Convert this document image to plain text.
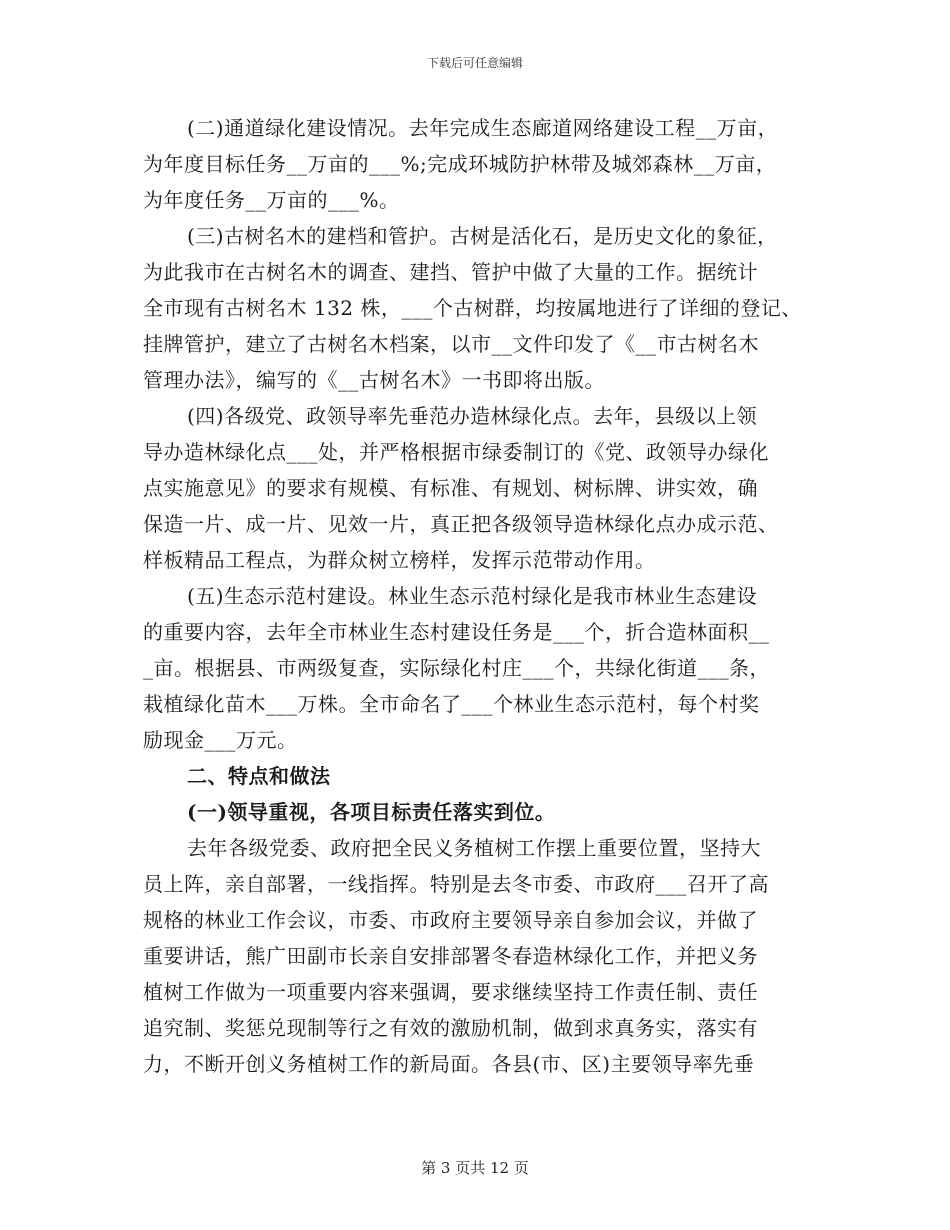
下载后可任意编辑
(二)通道绿化建设情况。去年完成生态廊道网络建设工程__万亩，
为年度目标任务__万亩的___%;完成环城防护林带及城郊森林__万亩，
为年度任务__万亩的___%。
(三)古树名木的建档和管护。古树是活化石，是历史文化的象征，
为此我市在古树名木的调查、建挡、管护中做了大量的工作。据统计
全市现有古树名木 132 株，___个古树群，均按属地进行了详细的登记、
挂牌管护，建立了古树名木档案，以市__文件印发了《__市古树名木
管理办法》，编写的《__古树名木》一书即将出版。
(四)各级党、政领导率先垂范办造林绿化点。去年，县级以上领
导办造林绿化点___处，并严格根据市绿委制订的《党、政领导办绿化
点实施意见》的要求有规模、有标准、有规划、树标牌、讲实效，确
保造一片、成一片、见效一片，真正把各级领导造林绿化点办成示范、
样板精品工程点，为群众树立榜样，发挥示范带动作用。
(五)生态示范村建设。林业生态示范村绿化是我市林业生态建设
的重要内容，去年全市林业生态村建设任务是___个，折合造林面积__
_亩。根据县、市两级复查，实际绿化村庄___个，共绿化街道___条，
栽植绿化苗木___万株。全市命名了___个林业生态示范村，每个村奖
励现金___万元。
二、特点和做法
(一)领导重视，各项目标责任落实到位。
去年各级党委、政府把全民义务植树工作摆上重要位置，坚持大
员上阵，亲自部署，一线指挥。特别是去冬市委、市政府___召开了高
规格的林业工作会议，市委、市政府主要领导亲自参加会议，并做了
重要讲话，熊广田副市长亲自安排部署冬春造林绿化工作，并把义务
植树工作做为一项重要内容来强调，要求继续坚持工作责任制、责任
追究制、奖惩兑现制等行之有效的激励机制，做到求真务实，落实有
力，不断开创义务植树工作的新局面。各县(市、区)主要领导率先垂
第 3 页共 12 页
